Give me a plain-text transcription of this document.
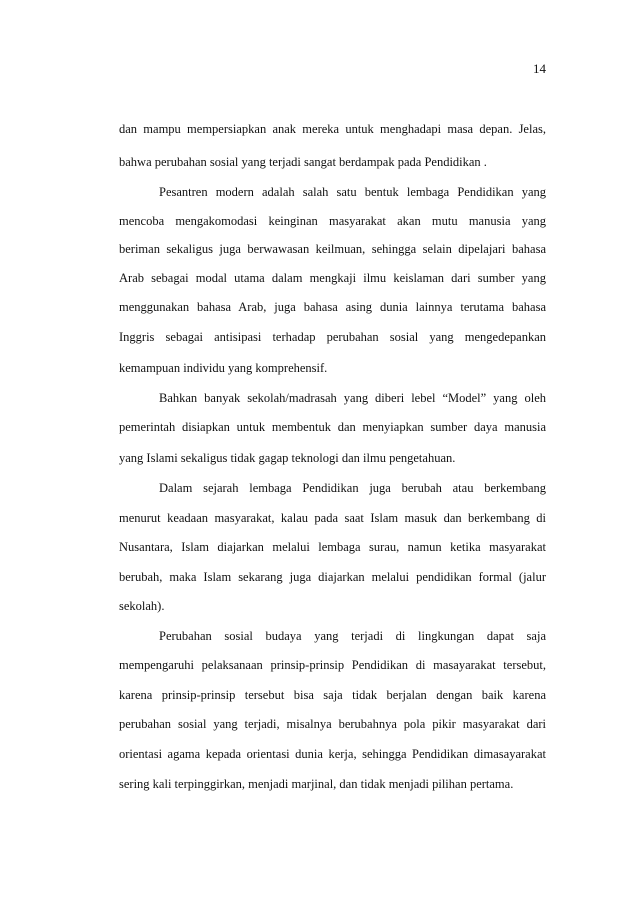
14
dan mampu mempersiapkan anak mereka untuk menghadapi masa depan. Jelas,
bahwa perubahan sosial yang terjadi sangat berdampak pada Pendidikan .
Pesantren modern adalah salah satu bentuk lembaga Pendidikan yang
mencoba mengakomodasi keinginan masyarakat akan mutu manusia yang
beriman sekaligus juga berwawasan keilmuan, sehingga selain dipelajari bahasa
Arab sebagai modal utama dalam mengkaji ilmu keislaman dari sumber yang
menggunakan bahasa Arab, juga bahasa asing dunia lainnya terutama bahasa
Inggris sebagai antisipasi terhadap perubahan sosial yang mengedepankan
kemampuan individu yang komprehensif.
Bahkan banyak sekolah/madrasah yang diberi lebel “Model” yang oleh
pemerintah disiapkan untuk membentuk dan menyiapkan sumber daya manusia
yang Islami sekaligus tidak gagap teknologi dan ilmu pengetahuan.
Dalam sejarah lembaga Pendidikan juga berubah atau berkembang
menurut keadaan masyarakat, kalau pada saat Islam masuk dan berkembang di
Nusantara, Islam diajarkan melalui lembaga surau, namun ketika masyarakat
berubah, maka Islam sekarang juga diajarkan melalui pendidikan formal (jalur
sekolah).
Perubahan sosial budaya yang terjadi di lingkungan dapat saja
mempengaruhi pelaksanaan prinsip-prinsip Pendidikan di masayarakat tersebut,
karena prinsip-prinsip tersebut bisa saja tidak berjalan dengan baik karena
perubahan sosial yang terjadi, misalnya berubahnya pola pikir masyarakat dari
orientasi agama kepada orientasi dunia kerja, sehingga Pendidikan dimasayarakat
sering kali terpinggirkan, menjadi marjinal, dan tidak menjadi pilihan pertama.
